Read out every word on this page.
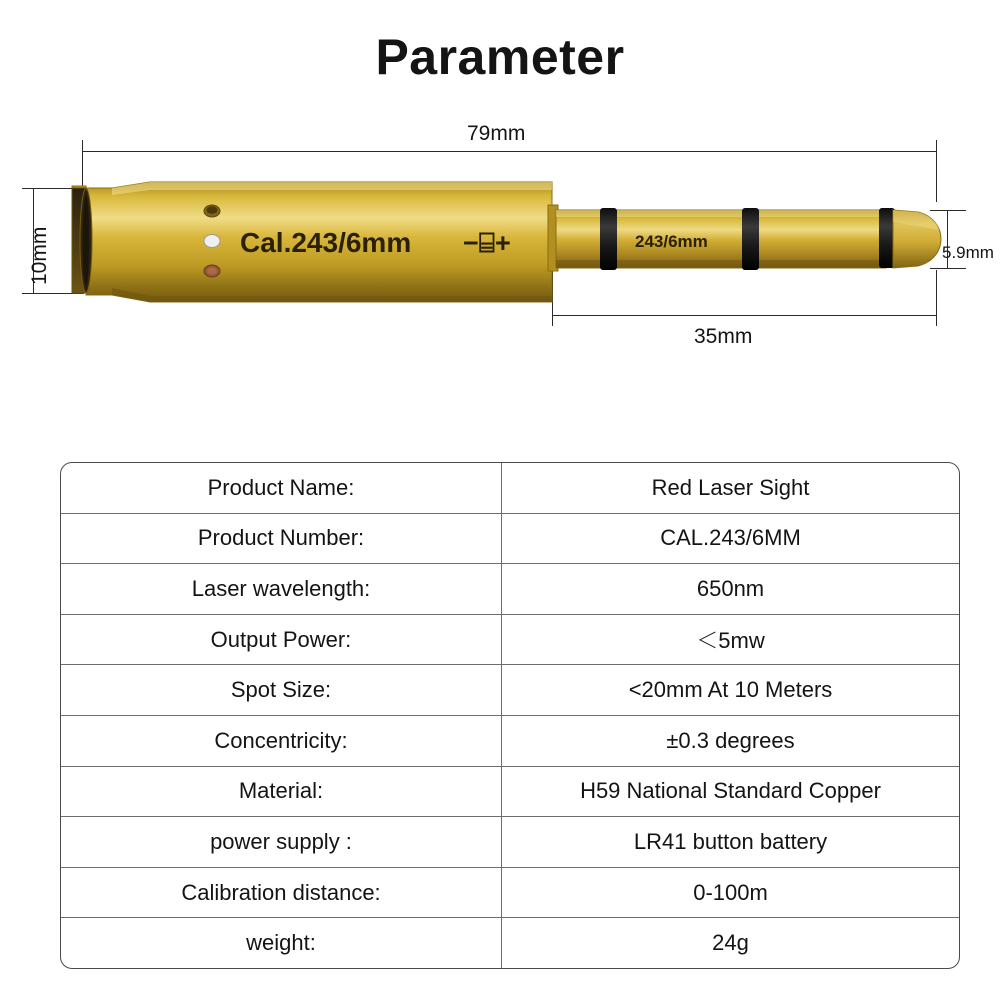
Parameter
79mm
10mm	5.9mm
35mm
Cal.243/6mm −⌸+	243/6mm
Product Name:	Red Laser Sight
Product Number:	CAL.243/6MM
Laser wavelength:	650nm
Output Power:	＜5mw
Spot Size:	<20mm At 10 Meters
Concentricity:	±0.3 degrees
Material:	H59 National Standard Copper
power supply :	LR41 button battery
Calibration distance:	0-100m
weight:	24g
